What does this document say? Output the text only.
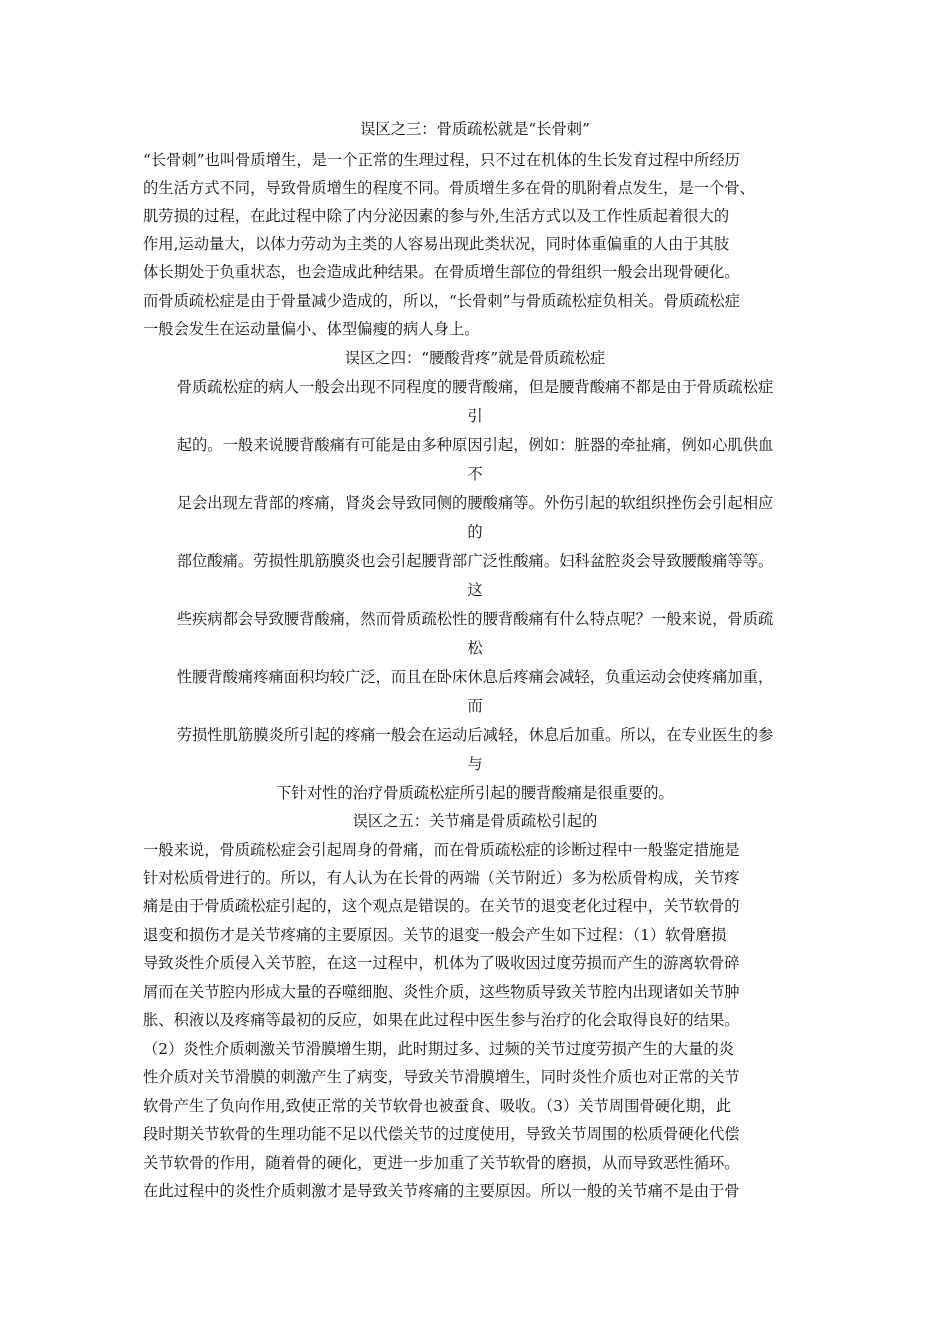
误区之三：骨质疏松就是“长骨刺”
“长骨刺”也叫骨质增生，是一个正常的生理过程，只不过在机体的生长发育过程中所经历
的生活方式不同，导致骨质增生的程度不同。骨质增生多在骨的肌附着点发生，是一个骨、
肌劳损的过程，在此过程中除了内分泌因素的参与外,生活方式以及工作性质起着很大的
作用,运动量大，以体力劳动为主类的人容易出现此类状况，同时体重偏重的人由于其肢
体长期处于负重状态，也会造成此种结果。在骨质增生部位的骨组织一般会出现骨硬化。
而骨质疏松症是由于骨量减少造成的，所以，“长骨刺”与骨质疏松症负相关。骨质疏松症
一般会发生在运动量偏小、体型偏瘦的病人身上。
误区之四：“腰酸背疼”就是骨质疏松症
骨质疏松症的病人一般会出现不同程度的腰背酸痛，但是腰背酸痛不都是由于骨质疏松症
引
起的。一般来说腰背酸痛有可能是由多种原因引起，例如：脏器的牵扯痛，例如心肌供血
不
足会出现左背部的疼痛，肾炎会导致同侧的腰酸痛等。外伤引起的软组织挫伤会引起相应
的
部位酸痛。劳损性肌筋膜炎也会引起腰背部广泛性酸痛。妇科盆腔炎会导致腰酸痛等等。
这
些疾病都会导致腰背酸痛，然而骨质疏松性的腰背酸痛有什么特点呢？一般来说，骨质疏
松
性腰背酸痛疼痛面积均较广泛，而且在卧床休息后疼痛会减轻，负重运动会使疼痛加重，
而
劳损性肌筋膜炎所引起的疼痛一般会在运动后减轻，休息后加重。所以，在专业医生的参
与
下针对性的治疗骨质疏松症所引起的腰背酸痛是很重要的。
误区之五：关节痛是骨质疏松引起的
一般来说，骨质疏松症会引起周身的骨痛，而在骨质疏松症的诊断过程中一般鉴定措施是
针对松质骨进行的。所以，有人认为在长骨的两端（关节附近）多为松质骨构成，关节疼
痛是由于骨质疏松症引起的，这个观点是错误的。在关节的退变老化过程中，关节软骨的
退变和损伤才是关节疼痛的主要原因。关节的退变一般会产生如下过程：（1）软骨磨损
导致炎性介质侵入关节腔，在这一过程中，机体为了吸收因过度劳损而产生的游离软骨碎
屑而在关节腔内形成大量的吞噬细胞、炎性介质，这些物质导致关节腔内出现诸如关节肿
胀、积液以及疼痛等最初的反应，如果在此过程中医生参与治疗的化会取得良好的结果。
（2）炎性介质刺激关节滑膜增生期，此时期过多、过频的关节过度劳损产生的大量的炎
性介质对关节滑膜的刺激产生了病变，导致关节滑膜增生，同时炎性介质也对正常的关节
软骨产生了负向作用,致使正常的关节软骨也被蚕食、吸收。（3）关节周围骨硬化期，此
段时期关节软骨的生理功能不足以代偿关节的过度使用，导致关节周围的松质骨硬化代偿
关节软骨的作用，随着骨的硬化，更进一步加重了关节软骨的磨损，从而导致恶性循环。
在此过程中的炎性介质刺激才是导致关节疼痛的主要原因。所以一般的关节痛不是由于骨
